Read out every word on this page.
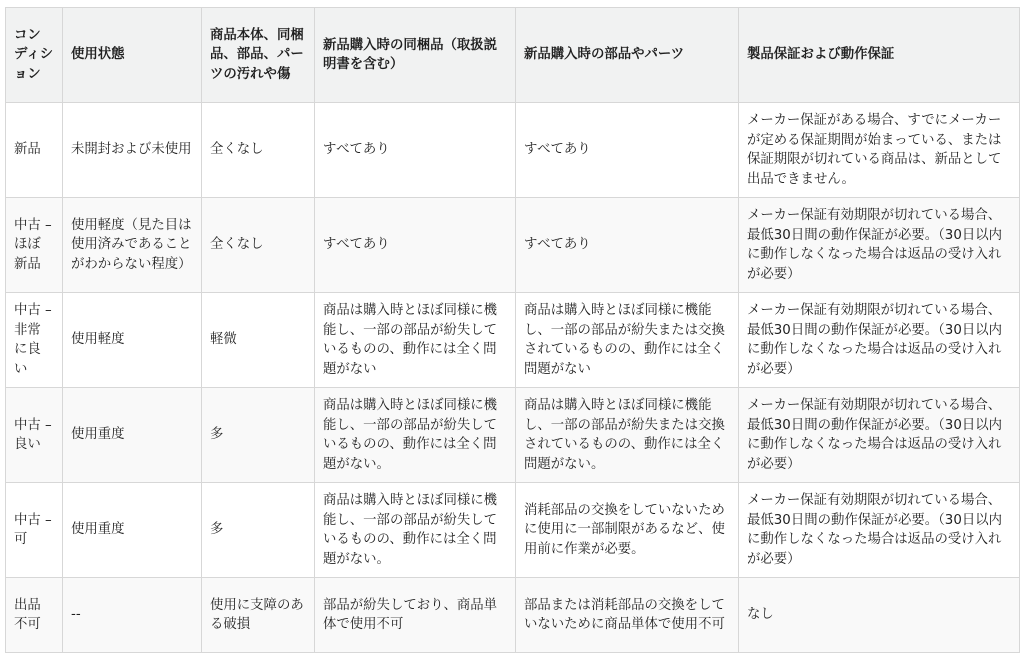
コンディション	使用状態	商品本体、同梱品、部品、パーツの汚れや傷	新品購入時の同梱品（取扱説明書を含む）	新品購入時の部品やパーツ	製品保証および動作保証
新品	未開封および未使用	全くなし	すべてあり	すべてあり	メーカー保証がある場合、すでにメーカーが定める保証期間が始まっている、または保証期限が切れている商品は、新品として出品できません。
中古 – ほぼ新品	使用軽度（見た目は使用済みであることがわからない程度）	全くなし	すべてあり	すべてあり	メーカー保証有効期限が切れている場合、最低30日間の動作保証が必要。（30日以内に動作しなくなった場合は返品の受け入れが必要）
中古 – 非常に良い	使用軽度	軽微	商品は購入時とほぼ同様に機能し、一部の部品が紛失しているものの、動作には全く問題がない	商品は購入時とほぼ同様に機能し、一部の部品が紛失または交換されているものの、動作には全く問題がない	メーカー保証有効期限が切れている場合、最低30日間の動作保証が必要。（30日以内に動作しなくなった場合は返品の受け入れが必要）
中古 – 良い	使用重度	多	商品は購入時とほぼ同様に機能し、一部の部品が紛失しているものの、動作には全く問題がない。	商品は購入時とほぼ同様に機能し、一部の部品が紛失または交換されているものの、動作には全く問題がない。	メーカー保証有効期限が切れている場合、最低30日間の動作保証が必要。（30日以内に動作しなくなった場合は返品の受け入れが必要）
中古 – 可	使用重度	多	商品は購入時とほぼ同様に機能し、一部の部品が紛失しているものの、動作には全く問題がない。	消耗部品の交換をしていないために使用に一部制限があるなど、使用前に作業が必要。	メーカー保証有効期限が切れている場合、最低30日間の動作保証が必要。（30日以内に動作しなくなった場合は返品の受け入れが必要）
出品不可	--	使用に支障のある破損	部品が紛失しており、商品単体で使用不可	部品または消耗部品の交換をしていないために商品単体で使用不可	なし
